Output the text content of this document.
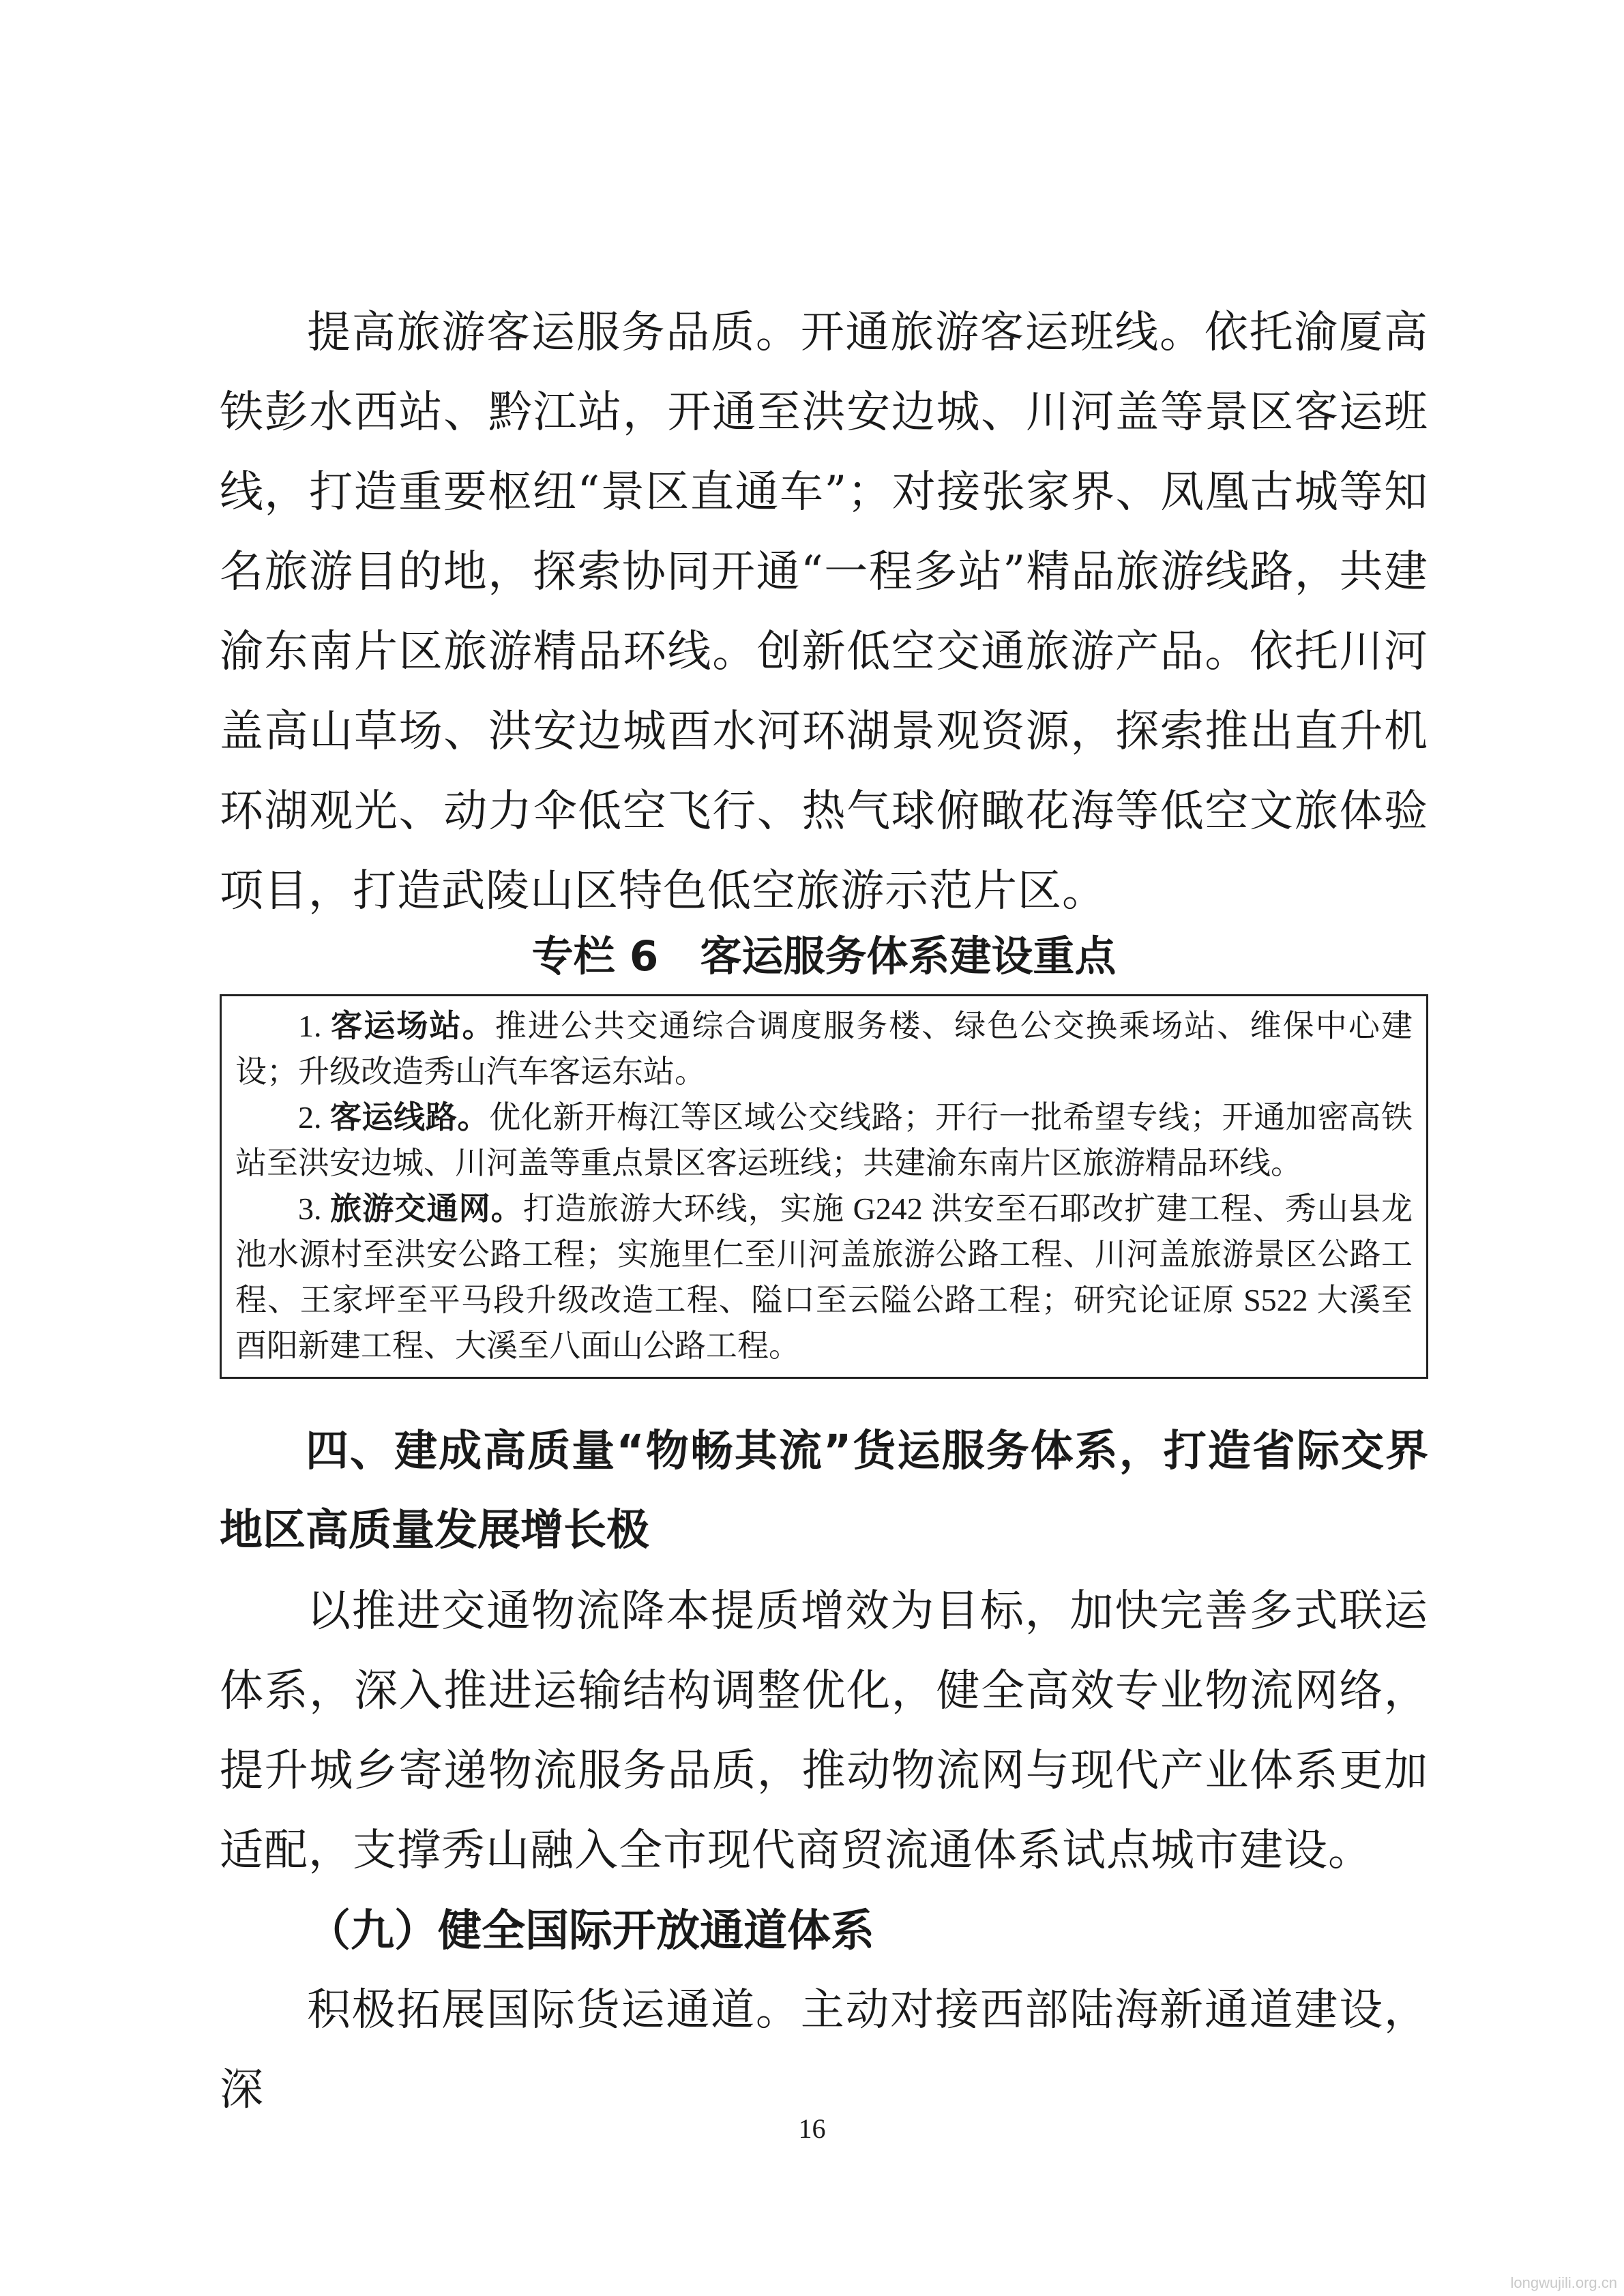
提高旅游客运服务品质。开通旅游客运班线。依托渝厦高铁彭水西站、黔江站，开通至洪安边城、川河盖等景区客运班线，打造重要枢纽“景区直通车”；对接张家界、凤凰古城等知名旅游目的地，探索协同开通“一程多站”精品旅游线路，共建渝东南片区旅游精品环线。创新低空交通旅游产品。依托川河盖高山草场、洪安边城酉水河环湖景观资源，探索推出直升机环湖观光、动力伞低空飞行、热气球俯瞰花海等低空文旅体验项目，打造武陵山区特色低空旅游示范片区。

专栏 6　客运服务体系建设重点

1. 客运场站。推进公共交通综合调度服务楼、绿色公交换乘场站、维保中心建设；升级改造秀山汽车客运东站。

2. 客运线路。优化新开梅江等区域公交线路；开行一批希望专线；开通加密高铁站至洪安边城、川河盖等重点景区客运班线；共建渝东南片区旅游精品环线。

3. 旅游交通网。打造旅游大环线，实施 G242 洪安至石耶改扩建工程、秀山县龙池水源村至洪安公路工程；实施里仁至川河盖旅游公路工程、川河盖旅游景区公路工程、王家坪至平马段升级改造工程、隘口至云隘公路工程；研究论证原 S522 大溪至酉阳新建工程、大溪至八面山公路工程。

四、建成高质量“物畅其流”货运服务体系，打造省际交界地区高质量发展增长极

以推进交通物流降本提质增效为目标，加快完善多式联运体系，深入推进运输结构调整优化，健全高效专业物流网络，提升城乡寄递物流服务品质，推动物流网与现代产业体系更加适配，支撑秀山融入全市现代商贸流通体系试点城市建设。

（九）健全国际开放通道体系

积极拓展国际货运通道。主动对接西部陆海新通道建设，深

16
longwujili.org.cn
